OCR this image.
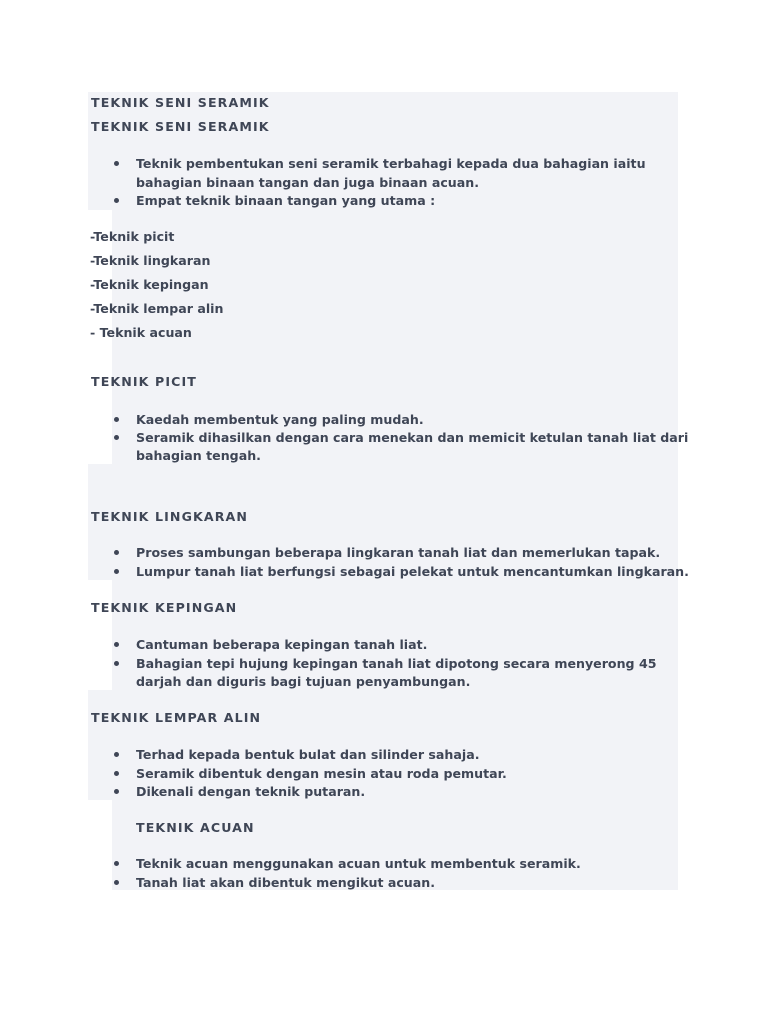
TEKNIK SENI SERAMIK
TEKNIK SENI SERAMIK
Teknik pembentukan seni seramik terbahagi kepada dua bahagian iaitu
bahagian binaan tangan dan juga binaan acuan.
Empat teknik binaan tangan yang utama :
-Teknik picit
-Teknik lingkaran
-Teknik kepingan
-Teknik lempar alin
- Teknik acuan
TEKNIK PICIT
Kaedah membentuk yang paling mudah.
Seramik dihasilkan dengan cara menekan dan memicit ketulan tanah liat dari
bahagian tengah.
TEKNIK LINGKARAN
Proses sambungan beberapa lingkaran tanah liat dan memerlukan tapak.
Lumpur tanah liat berfungsi sebagai pelekat untuk mencantumkan lingkaran.
TEKNIK KEPINGAN
Cantuman beberapa kepingan tanah liat.
Bahagian tepi hujung kepingan tanah liat dipotong secara menyerong 45
darjah dan diguris bagi tujuan penyambungan.
TEKNIK LEMPAR ALIN
Terhad kepada bentuk bulat dan silinder sahaja.
Seramik dibentuk dengan mesin atau roda pemutar.
Dikenali dengan teknik putaran.
TEKNIK ACUAN
Teknik acuan menggunakan acuan untuk membentuk seramik.
Tanah liat akan dibentuk mengikut acuan.
